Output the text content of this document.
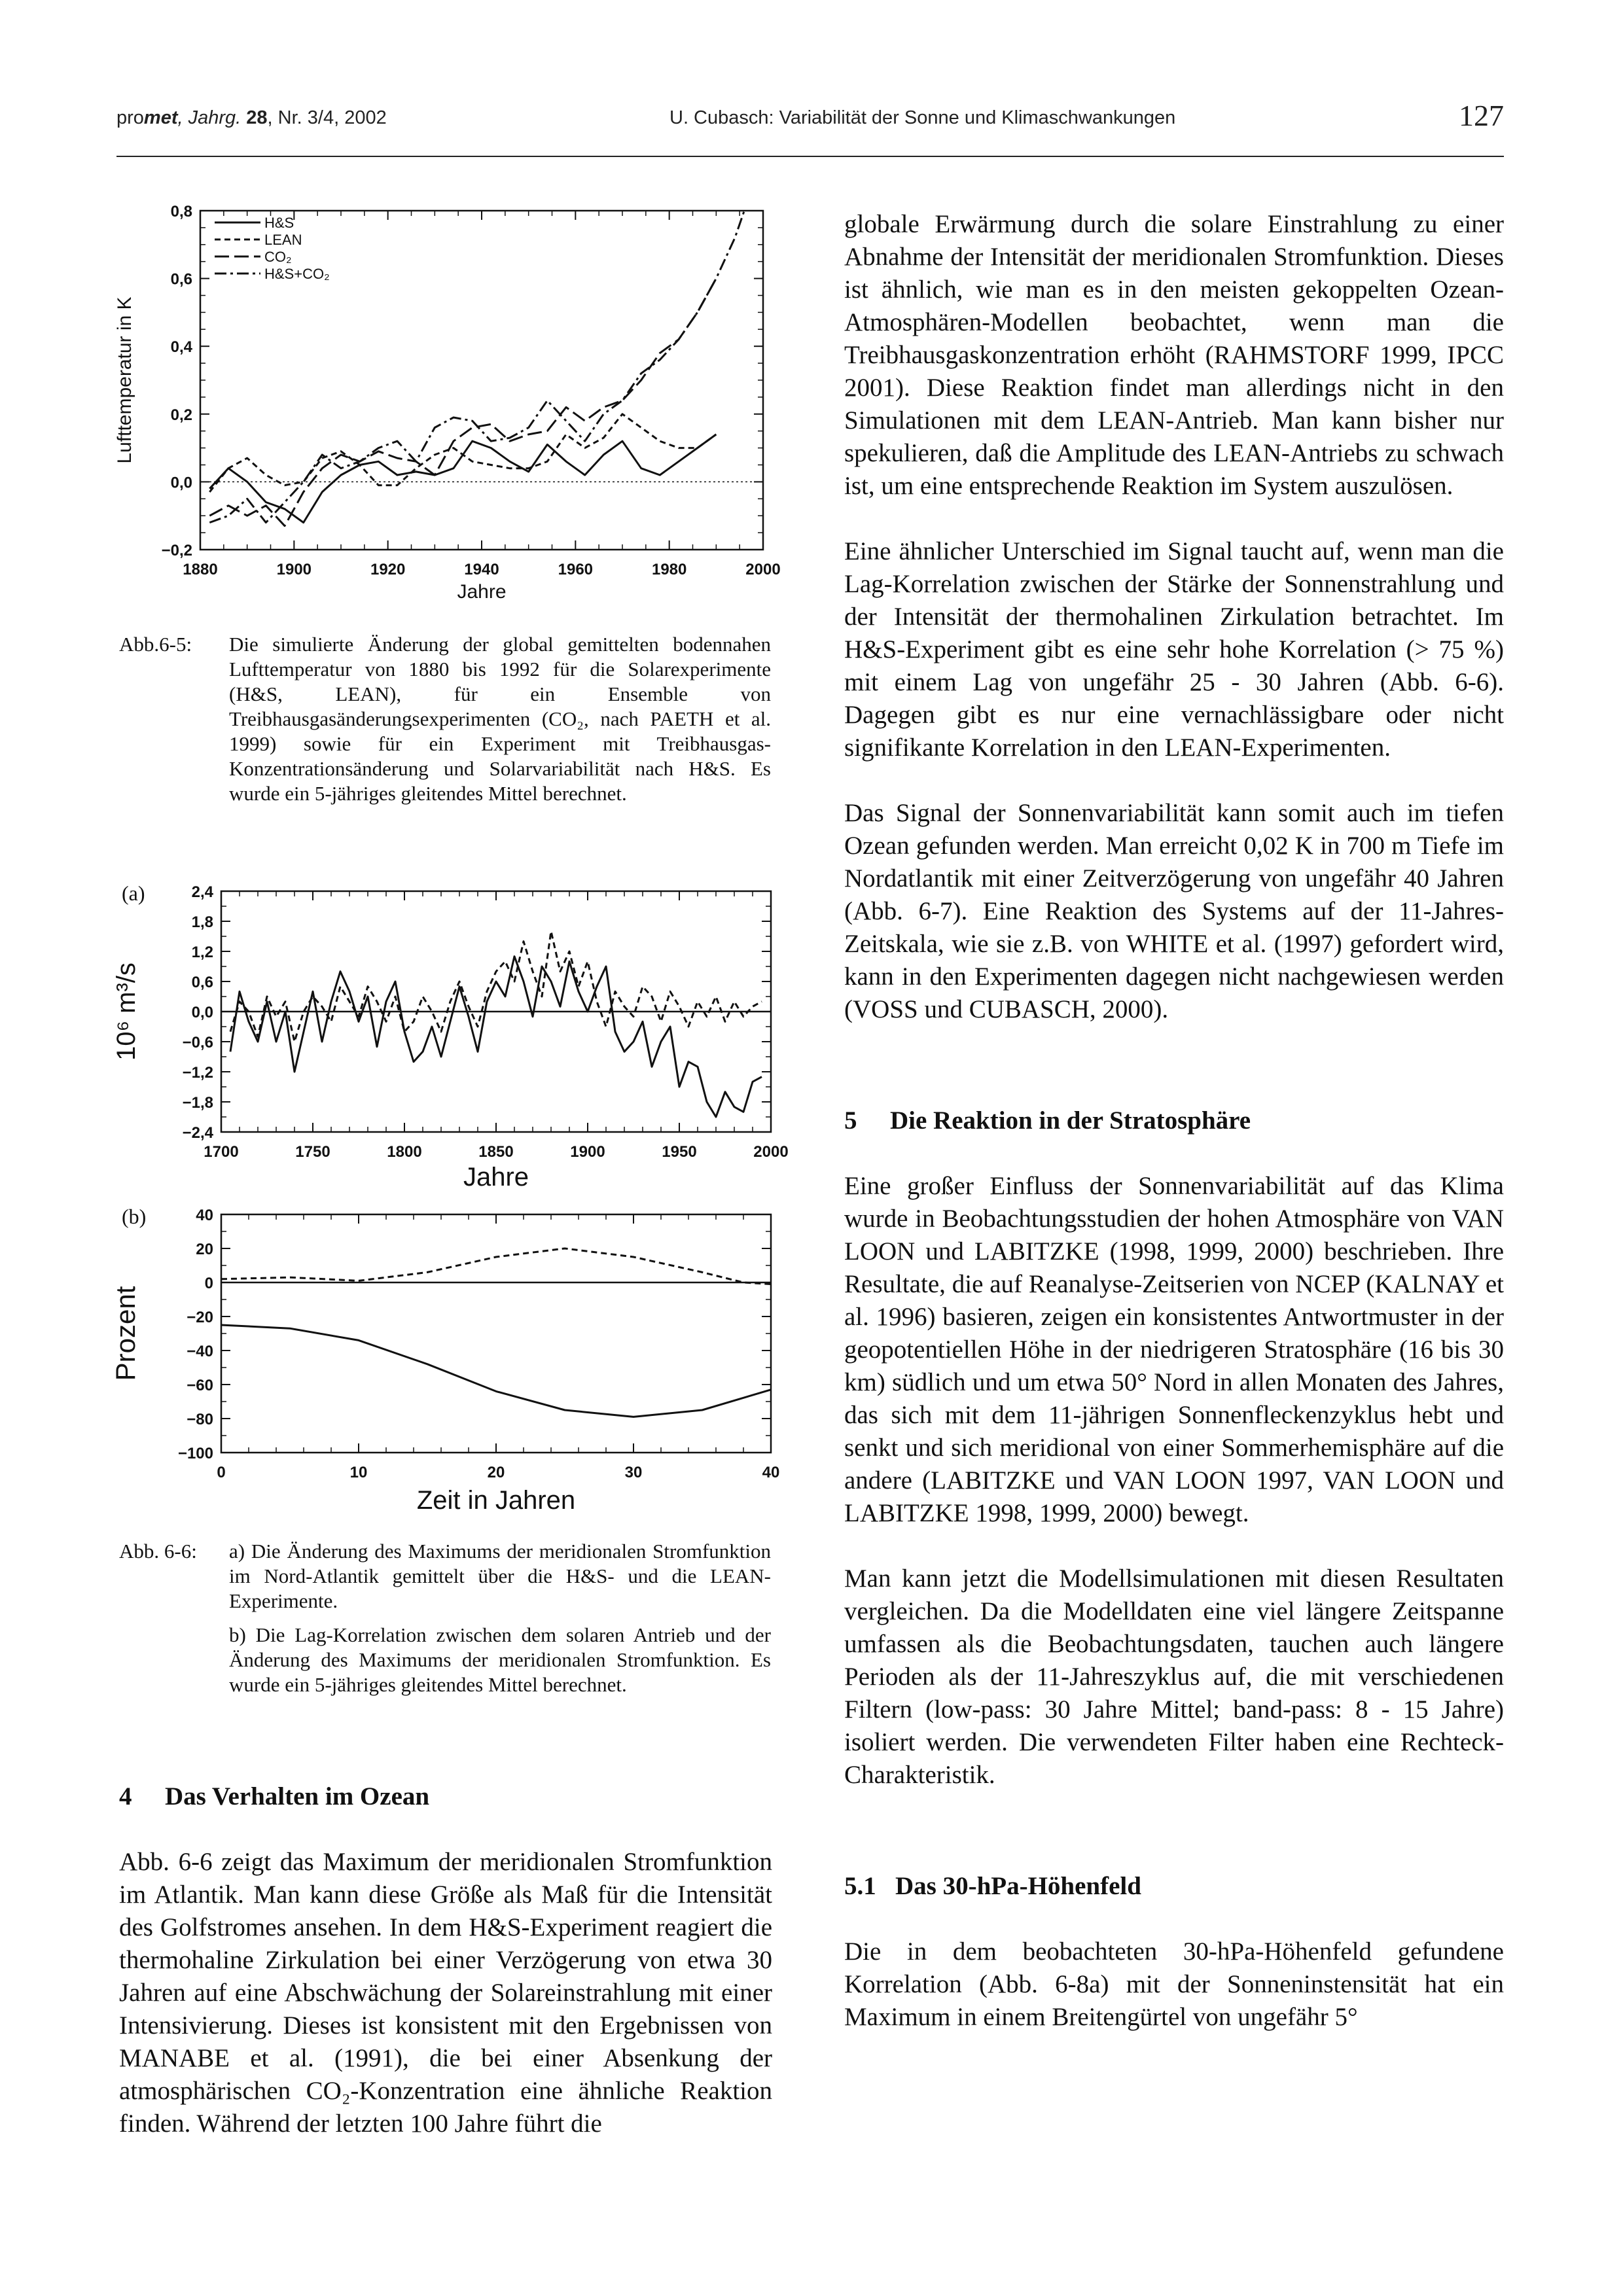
promet, Jahrg. 28, Nr. 3/4, 2002	U. Cubasch: Variabilität der Sonne und Klimaschwankungen	127
1880	1900	1920	1940	1960	1980	2000
−0,2
0,0
0,2
0,4
0,6
0,8
Jahre
Lufttemperatur in K
H&S
LEAN
CO₂
H&S+CO₂
Abb.6-5: Die simulierte Änderung der global gemittelten bodennahen Lufttemperatur von 1880 bis 1992 für die Solarexperimente (H&S, LEAN), für ein Ensemble von Treibhausgasänderungsexperimenten (CO₂, nach PAETH et al. 1999) sowie für ein Experiment mit Treibhausgas-Konzentrationsänderung und Solarvariabilität nach H&S. Es wurde ein 5-jähriges gleitendes Mittel berechnet.

1700	1750	1800	1850	1900	1950	2000
2,4
1,8
1,2
0,6
0,0
−0,6
−1,2
−1,8
−2,4
Jahre
10⁶ m³/s
(a)
0	10	20	30	40
40
20
0
−20
−40
−60
−80
−100
Zeit in Jahren
Prozent
(b)
Abb. 6-6: a) Die Änderung des Maximums der meridionalen Stromfunktion im Nord-Atlantik gemittelt über die H&S- und die LEAN-Experimente.

b) Die Lag-Korrelation zwischen dem solaren Antrieb und der Änderung des Maximums der meridionalen Stromfunktion. Es wurde ein 5-jähriges gleitendes Mittel berechnet.

4 Das Verhalten im Ozean

Abb. 6-6 zeigt das Maximum der meridionalen Stromfunktion im Atlantik. Man kann diese Größe als Maß für die Intensität des Golfstromes ansehen. In dem H&S-Experiment reagiert die thermohaline Zirkulation bei einer Verzögerung von etwa 30 Jahren auf eine Abschwächung der Solareinstrahlung mit einer Intensivierung. Dieses ist konsistent mit den Ergebnissen von MANABE et al. (1991), die bei einer Absenkung der atmosphärischen CO₂-Konzentration eine ähnliche Reaktion finden. Während der letzten 100 Jahre führt die

globale Erwärmung durch die solare Einstrahlung zu einer Abnahme der Intensität der meridionalen Stromfunktion. Dieses ist ähnlich, wie man es in den meisten gekoppelten Ozean-Atmosphären-Modellen beobachtet, wenn man die Treibhausgaskonzentration erhöht (RAHMSTORF 1999, IPCC 2001). Diese Reaktion findet man allerdings nicht in den Simulationen mit dem LEAN-Antrieb. Man kann bisher nur spekulieren, daß die Amplitude des LEAN-Antriebs zu schwach ist, um eine entsprechende Reaktion im System auszulösen.

Eine ähnlicher Unterschied im Signal taucht auf, wenn man die Lag-Korrelation zwischen der Stärke der Sonnenstrahlung und der Intensität der thermohalinen Zirkulation betrachtet. Im H&S-Experiment gibt es eine sehr hohe Korrelation (> 75 %) mit einem Lag von ungefähr 25 - 30 Jahren (Abb. 6-6). Dagegen gibt es nur eine vernachlässigbare oder nicht signifikante Korrelation in den LEAN-Experimenten.

Das Signal der Sonnenvariabilität kann somit auch im tiefen Ozean gefunden werden. Man erreicht 0,02 K in 700 m Tiefe im Nordatlantik mit einer Zeitverzögerung von ungefähr 40 Jahren (Abb. 6-7). Eine Reaktion des Systems auf der 11-Jahres-Zeitskala, wie sie z.B. von WHITE et al. (1997) gefordert wird, kann in den Experimenten dagegen nicht nachgewiesen werden (VOSS und CUBASCH, 2000).

5 Die Reaktion in der Stratosphäre

Eine großer Einfluss der Sonnenvariabilität auf das Klima wurde in Beobachtungsstudien der hohen Atmosphäre von VAN LOON und LABITZKE (1998, 1999, 2000) beschrieben. Ihre Resultate, die auf Reanalyse-Zeitserien von NCEP (KALNAY et al. 1996) basieren, zeigen ein konsistentes Antwortmuster in der geopotentiellen Höhe in der niedrigeren Stratosphäre (16 bis 30 km) südlich und um etwa 50° Nord in allen Monaten des Jahres, das sich mit dem 11-jährigen Sonnenfleckenzyklus hebt und senkt und sich meridional von einer Sommerhemisphäre auf die andere (LABITZKE und VAN LOON 1997, VAN LOON und LABITZKE 1998, 1999, 2000) bewegt.

Man kann jetzt die Modellsimulationen mit diesen Resultaten vergleichen. Da die Modelldaten eine viel längere Zeitspanne umfassen als die Beobachtungsdaten, tauchen auch längere Perioden als der 11-Jahreszyklus auf, die mit verschiedenen Filtern (low-pass: 30 Jahre Mittel; band-pass: 8 - 15 Jahre) isoliert werden. Die verwendeten Filter haben eine Rechteck-Charakteristik.

5.1 Das 30-hPa-Höhenfeld

Die in dem beobachteten 30-hPa-Höhenfeld gefundene Korrelation (Abb. 6-8a) mit der Sonneninstensität hat ein Maximum in einem Breitengürtel von ungefähr 5°
